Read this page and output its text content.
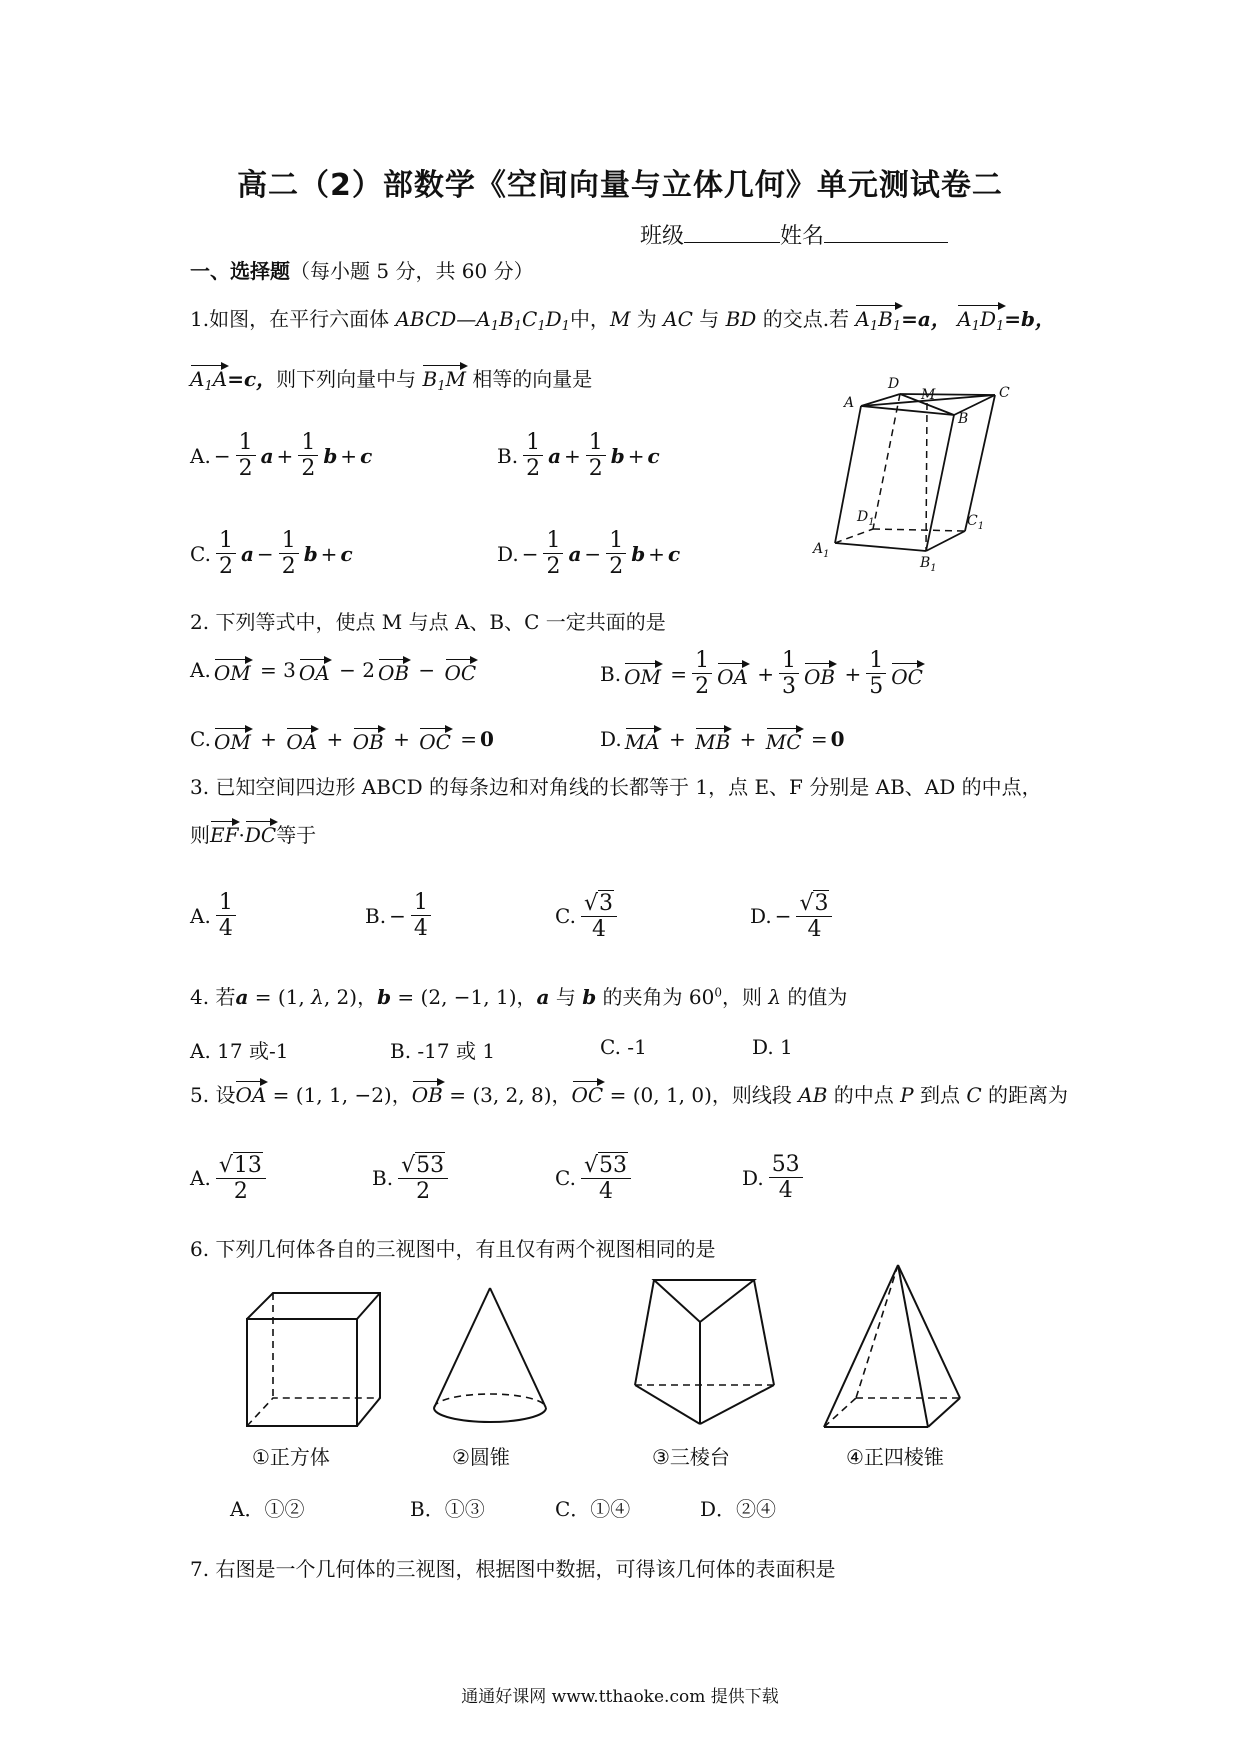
高二（2）部数学《空间向量与立体几何》单元测试卷二
班级	姓名
一、选择题（每小题 5 分，共 60 分）
1.如图，在平行六面体 $ABCD—A_1B_1C_1D_1$中，M 为 AC 与 BD 的交点.若 $A_1B_1=a$， $A_1D_1=b$，
$A_1A=c$，则下列向量中与 $B_1M$ 相等的向量是
A. − $\frac{1}{2}$ $a + \frac{1}{2}$ b + c	B. $\frac{1}{2}$ $a + \frac{1}{2}$ b + c
C. $\frac{1}{2}$ $a - \frac{1}{2}$ b + c	D. − $\frac{1}{2}$ $a - \frac{1}{2}$ b + c
D
M	C
A
B
$D_1$	$C_1$
$A_1$
$B_1$
2. 下列等式中，使点 M 与点 A、B、C 一定共面的是
A. OM = 3 OA − 2 OB − OC	B. OM = $\frac{1}{2}$ OA + $\frac{1}{3}$ OB + $\frac{1}{5}$ OC
C. OM + OA + OB + OC = 0	D. MA + MB + MC = 0
3. 已知空间四边形 ABCD 的每条边和对角线的长都等于 1，点 E、F 分别是 AB、AD 的中点，
则EF·DC等于
A. $\frac{1}{4}$	B. − $\frac{1}{4}$	C. $\frac{√3}{4}$	D. − $\frac{√3}{4}$
4. 若a = (1, λ, 2)，b = (2, −1, 1)，a 与 b 的夹角为 $60^0$，则 λ 的值为
A. 17 或-1	B. -17 或 1	C. -1	D. 1
5. 设OA = (1, 1, −2)，OB = (3, 2, 8)，OC = (0, 1, 0)，则线段 AB 的中点 P 到点 C 的距离为
A. $\frac{√13}{2}$	B. $\frac{√53}{2}$	C. $\frac{√53}{4}$	D. $\frac{53}{4}$
6. 下列几何体各自的三视图中，有且仅有两个视图相同的是
①正方体	②圆锥	③三棱台	④正四棱锥
A．①②	B．①③	C．①④	D．②④
7. 右图是一个几何体的三视图，根据图中数据，可得该几何体的表面积是
通通好课网 www.tthaoke.com 提供下载
